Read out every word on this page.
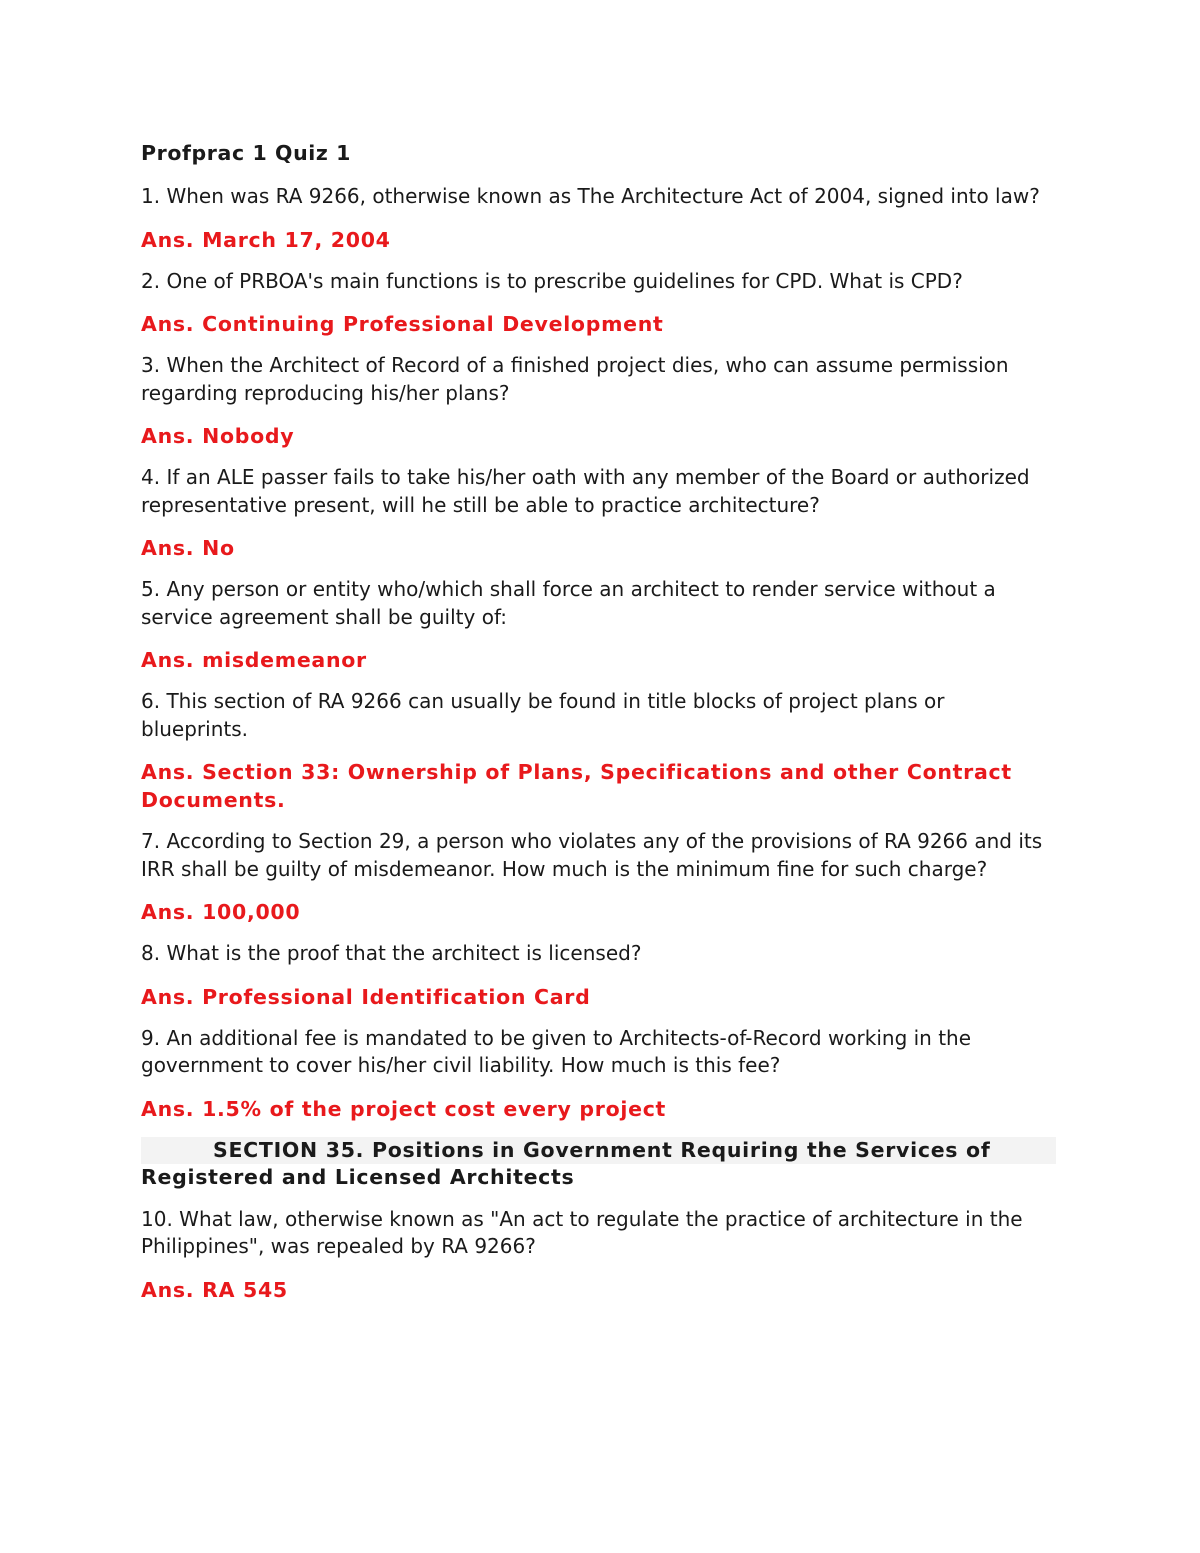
Profprac 1 Quiz 1
1. When was RA 9266, otherwise known as The Architecture Act of 2004, signed into law?
Ans. March 17, 2004
2. One of PRBOA's main functions is to prescribe guidelines for CPD. What is CPD?
Ans. Continuing Professional Development
3. When the Architect of Record of a finished project dies, who can assume permission regarding reproducing his/her plans?
Ans. Nobody
4. If an ALE passer fails to take his/her oath with any member of the Board or authorized representative present, will he still be able to practice architecture?
Ans. No
5. Any person or entity who/which shall force an architect to render service without a service agreement shall be guilty of:
Ans. misdemeanor
6. This section of RA 9266 can usually be found in title blocks of project plans or blueprints.
Ans. Section 33: Ownership of Plans, Specifications and other Contract Documents.
7. According to Section 29, a person who violates any of the provisions of RA 9266 and its IRR shall be guilty of misdemeanor. How much is the minimum fine for such charge?
Ans. 100,000
8. What is the proof that the architect is licensed?
Ans. Professional Identification Card
9. An additional fee is mandated to be given to Architects-of-Record working in the government to cover his/her civil liability. How much is this fee?
Ans. 1.5% of the project cost every project
SECTION 35. Positions in Government Requiring the Services of Registered and Licensed Architects
10. What law, otherwise known as "An act to regulate the practice of architecture in the Philippines", was repealed by RA 9266?
Ans. RA 545
